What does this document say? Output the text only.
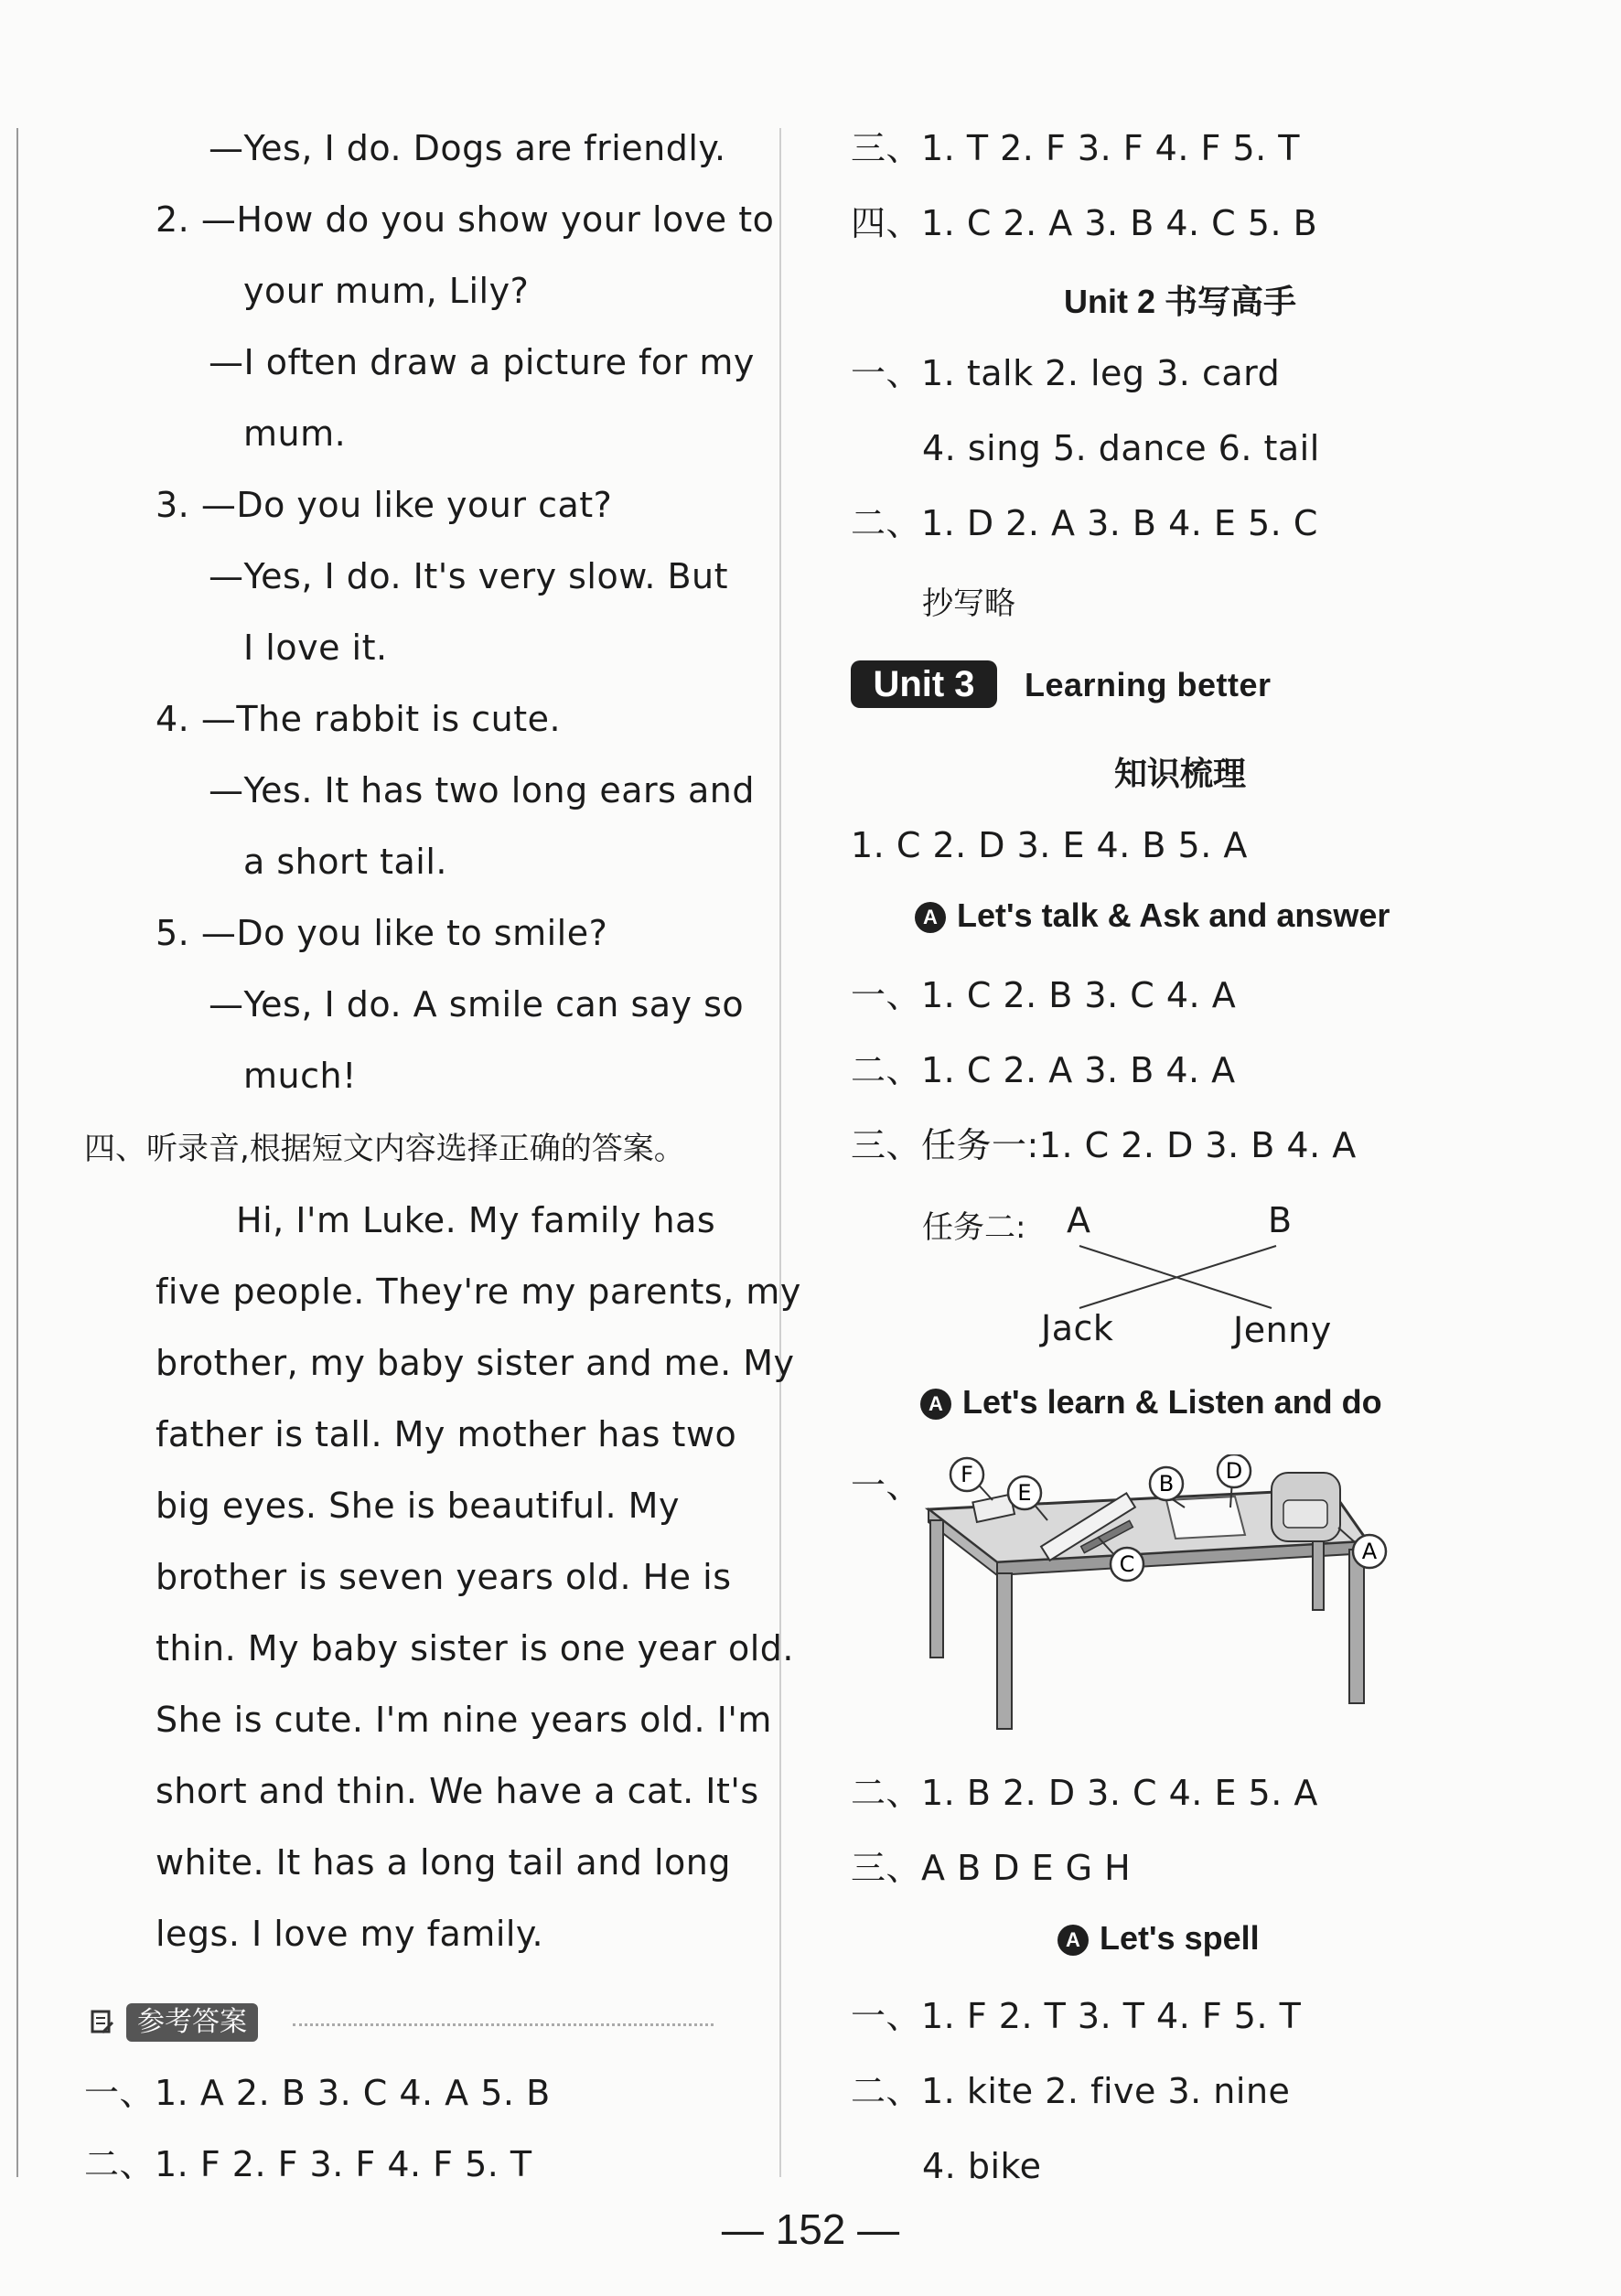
—Yes, I do. Dogs are friendly.
2. —How do you show your love to
your mum, Lily?
—I often draw a picture for my
mum.
3. —Do you like your cat?
—Yes, I do. It's very slow. But
I love it.
4. —The rabbit is cute.
—Yes. It has two long ears and
a short tail.
5. —Do you like to smile?
—Yes, I do. A smile can say so
much!
四、听录音,根据短文内容选择正确的答案。
Hi, I'm Luke. My family has
five people. They're my parents, my
brother, my baby sister and me. My
father is tall. My mother has two
big eyes. She is beautiful. My
brother is seven years old. He is
thin. My baby sister is one year old.
She is cute. I'm nine years old. I'm
short and thin. We have a cat. It's
white. It has a long tail and long
legs. I love my family.
参考答案
一、1. A 2. B 3. C 4. A 5. B
二、1. F 2. F 3. F 4. F 5. T
三、1. T 2. F 3. F 4. F 5. T
四、1. C 2. A 3. B 4. C 5. B
Unit 2 书写高手
一、1. talk 2. leg 3. card
4. sing 5. dance 6. tail
二、1. D 2. A 3. B 4. E 5. C
抄写略
Unit 3	Learning better
知识梳理
1. C 2. D 3. E 4. B 5. A
A Let's talk & Ask and answer
一、1. C 2. B 3. C 4. A
二、1. C 2. A 3. B 4. A
三、任务一:1. C 2. D 3. B 4. A
任务二: A	B
Jack	Jenny
A Let's learn & Listen and do
一、 F
E	B D
C	A
二、1. B 2. D 3. C 4. E 5. A
三、A B D E G H
A Let's spell
一、1. F 2. T 3. T 4. F 5. T
二、1. kite 2. five 3. nine
4. bike
— 152 —
